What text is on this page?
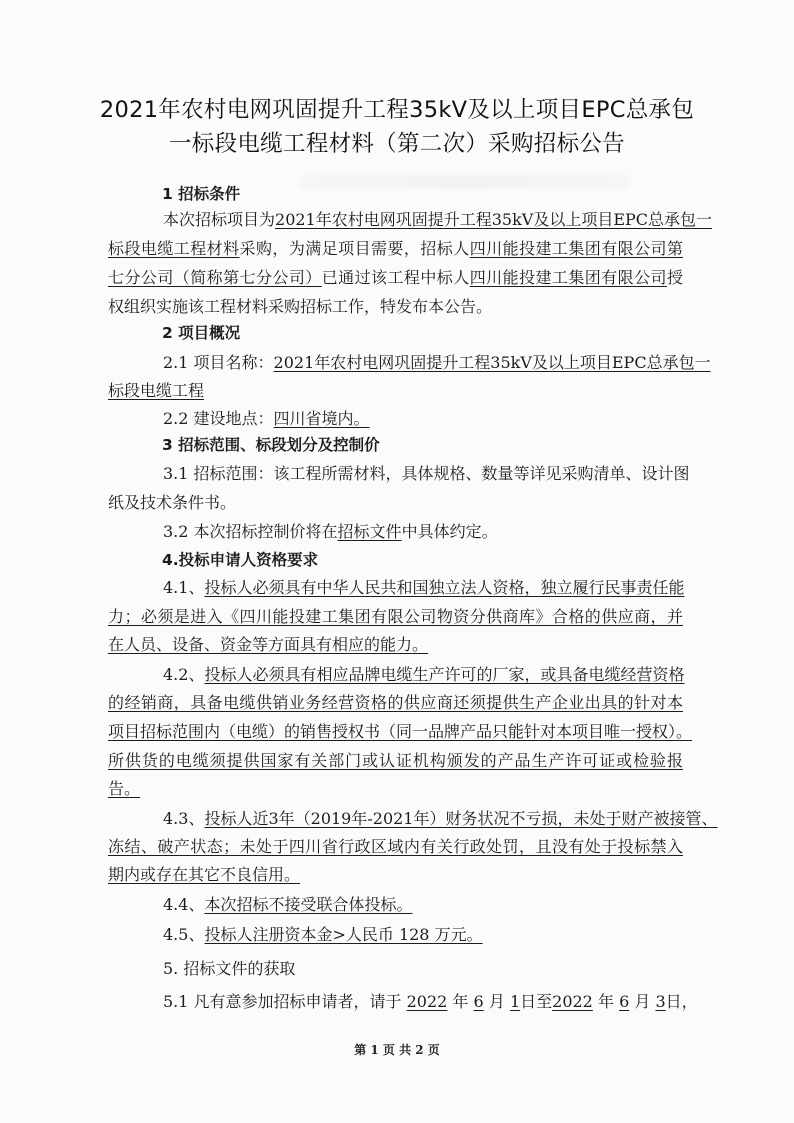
2021年农村电网巩固提升工程35kV及以上项目EPC总承包
一标段电缆工程材料（第二次）采购招标公告
1 招标条件
本次招标项目为2021年农村电网巩固提升工程35kV及以上项目EPC总承包一
标段电缆工程材料采购，为满足项目需要，招标人四川能投建工集团有限公司第
七分公司（简称第七分公司）已通过该工程中标人四川能投建工集团有限公司授
权组织实施该工程材料采购招标工作，特发布本公告。
2 项目概况
2.1 项目名称：2021年农村电网巩固提升工程35kV及以上项目EPC总承包一
标段电缆工程
2.2 建设地点：四川省境内。
3 招标范围、标段划分及控制价
3.1 招标范围：该工程所需材料，具体规格、数量等详见采购清单、设计图
纸及技术条件书。
3.2 本次招标控制价将在招标文件中具体约定。
4.投标申请人资格要求
4.1、投标人必须具有中华人民共和国独立法人资格，独立履行民事责任能
力；必须是进入《四川能投建工集团有限公司物资分供商库》合格的供应商，并
在人员、设备、资金等方面具有相应的能力。
4.2、投标人必须具有相应品牌电缆生产许可的厂家，或具备电缆经营资格
的经销商，具备电缆供销业务经营资格的供应商还须提供生产企业出具的针对本
项目招标范围内（电缆）的销售授权书（同一品牌产品只能针对本项目唯一授权）。
所供货的电缆须提供国家有关部门或认证机构颁发的产品生产许可证或检验报
告。
4.3、投标人近3年（2019年-2021年）财务状况不亏损，未处于财产被接管、
冻结、破产状态；未处于四川省行政区域内有关行政处罚，且没有处于投标禁入
期内或存在其它不良信用。
4.4、本次招标不接受联合体投标。
4.5、投标人注册资本金>人民币 128 万元。
5. 招标文件的获取
5.1 凡有意参加招标申请者，请于 2022 年 6 月 1日至2022 年 6 月 3日，
第 1 页 共 2 页
